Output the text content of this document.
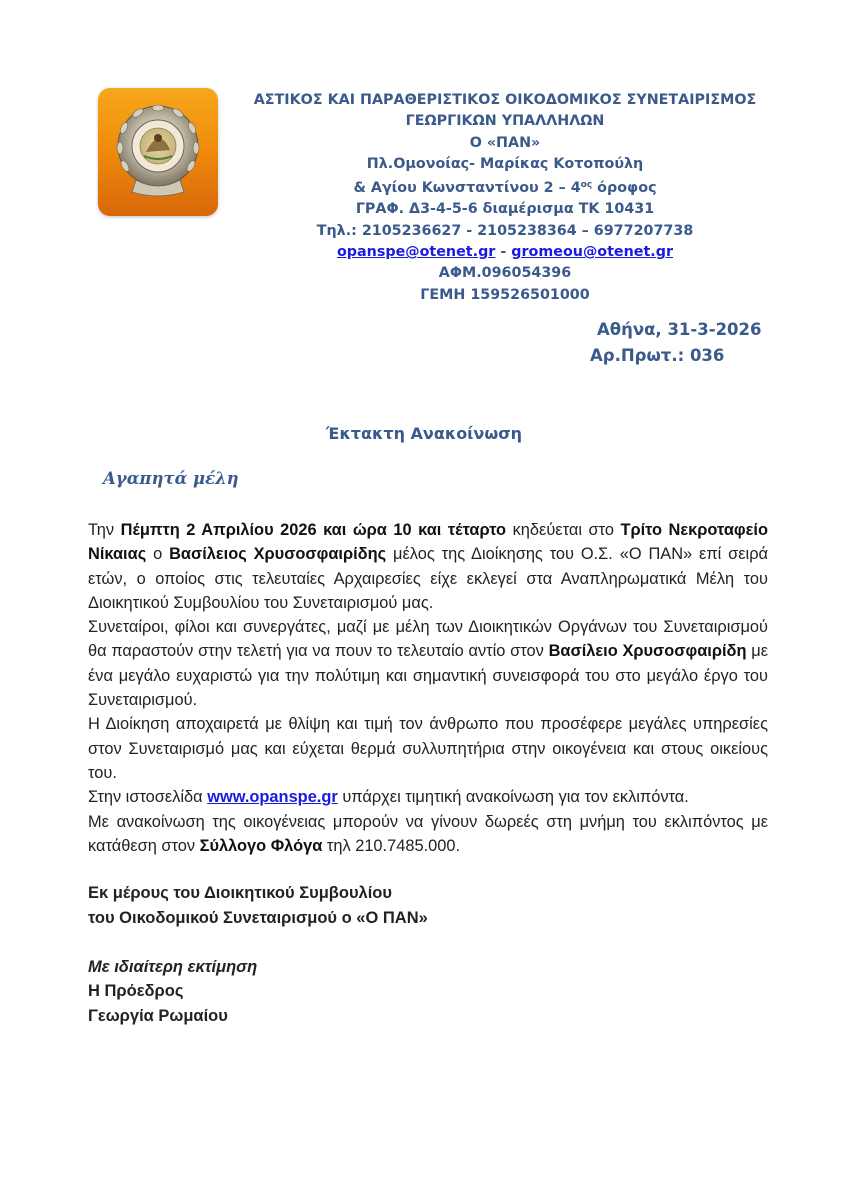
ΑΣΤΙΚΟΣ ΚΑΙ ΠΑΡΑΘΕΡΙΣΤΙΚΟΣ ΟΙΚΟΔΟΜΙΚΟΣ ΣΥΝΕΤΑΙΡΙΣΜΟΣ
ΓΕΩΡΓΙΚΩΝ ΥΠΑΛΛΗΛΩΝ
Ο «ΠΑΝ»
Πλ.Ομονοίας- Μαρίκας Κοτοπούλη
& Αγίου Κωνσταντίνου $2 - 4^{o\varsigma}$ όροφος
ΓΡΑΦ. Δ3-4-5-6 διαμέρισμα ΤΚ 10431
Τηλ.: 2105236627 - 2105238364 – 6977207738
opanspe@otenet.gr - gromeou@otenet.gr
ΑΦΜ.096054396
ΓΕΜΗ 159526501000
Αθήνα, 31-3-2026
Αρ.Πρωτ.: 036
Έκτακτη Ανακοίνωση
Αγαπητά μέλη

Την Πέμπτη 2 Απριλίου 2026 και ώρα 10 και τέταρτο κηδεύεται στο Τρίτο Νεκροταφείο Νίκαιας ο Βασίλειος Χρυσοσφαιρίδης μέλος της Διοίκησης του Ο.Σ. «Ο ΠΑΝ» επί σειρά ετών, ο οποίος στις τελευταίες Αρχαιρεσίες είχε εκλεγεί στα Αναπληρωματικά Μέλη του Διοικητικού Συμβουλίου του Συνεταιρισμού μας.

Συνεταίροι, φίλοι και συνεργάτες, μαζί με μέλη των Διοικητικών Οργάνων του Συνεταιρισμού θα παραστούν στην τελετή για να πουν το τελευταίο αντίο στον Βασίλειο Χρυσοσφαιρίδη με ένα μεγάλο ευχαριστώ για την πολύτιμη και σημαντική συνεισφορά του στο μεγάλο έργο του Συνεταιρισμού.

Η Διοίκηση αποχαιρετά με θλίψη και τιμή τον άνθρωπο που προσέφερε μεγάλες υπηρεσίες στον Συνεταιρισμό μας και εύχεται θερμά συλλυπητήρια στην οικογένεια και στους οικείους του.

Στην ιστοσελίδα www.opanspe.gr υπάρχει τιμητική ανακοίνωση για τον εκλιπόντα.

Με ανακοίνωση της οικογένειας μπορούν να γίνουν δωρεές στη μνήμη του εκλιπόντος με κατάθεση στον Σύλλογο Φλόγα τηλ 210.7485.000.

Εκ μέρους του Διοικητικού Συμβουλίου
του Οικοδομικού Συνεταιρισμού ο «Ο ΠΑΝ»
Με ιδιαίτερη εκτίμηση
Η Πρόεδρος
Γεωργία Ρωμαίου
